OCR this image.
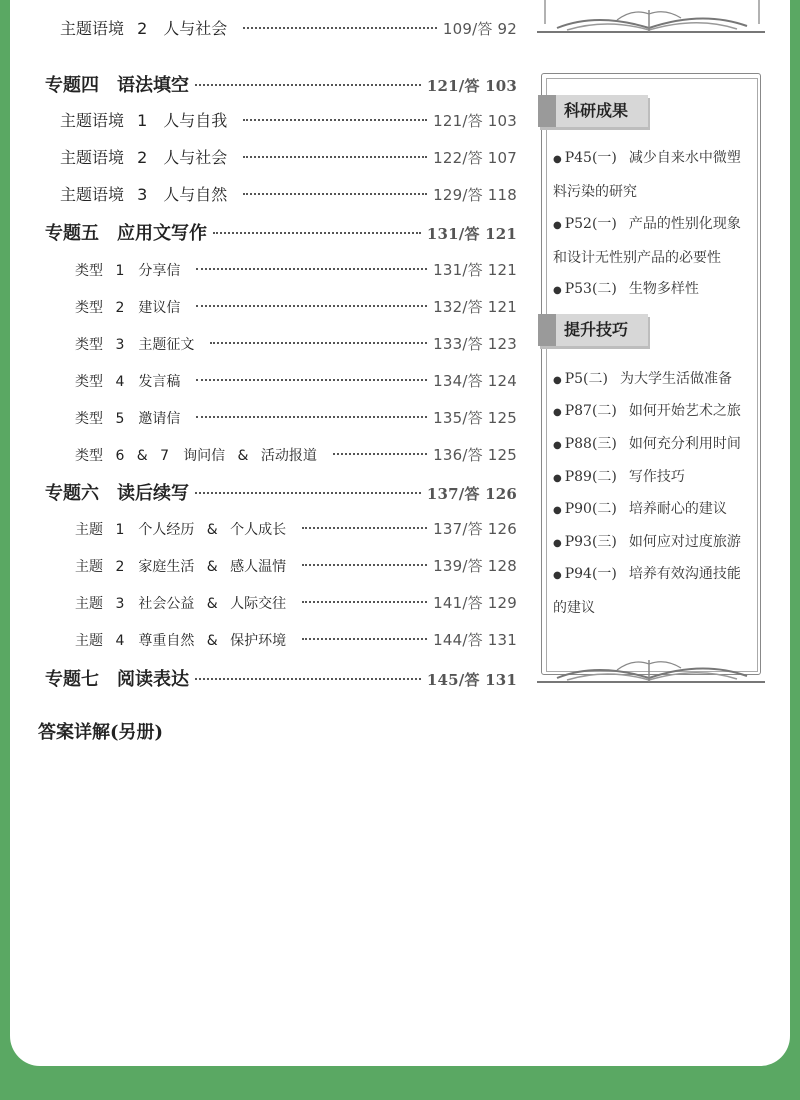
主题语境 2　人与社会	109/答 92
专题四　语法填空	121/答 103
主题语境 1　人与自我	121/答 103
主题语境 2　人与社会	122/答 107
主题语境 3　人与自然	129/答 118
专题五　应用文写作	131/答 121
类型 1　分享信	131/答 121
类型 2　建议信	132/答 121
类型 3　主题征文	133/答 123
类型 4　发言稿	134/答 124
类型 5　邀请信	135/答 125
类型 6 & 7　询问信 & 活动报道	136/答 125
专题六　读后续写	137/答 126
主题 1　个人经历 & 个人成长	137/答 126
主题 2　家庭生活 & 感人温情	139/答 128
主题 3　社会公益 & 人际交往	141/答 129
主题 4　尊重自然 & 保护环境	144/答 131
专题七　阅读表达	145/答 131
答案详解(另册)
科研成果
● P45(一) 减少自来水中微塑
料污染的研究
● P52(一) 产品的性别化现象
和设计无性别产品的必要性
● P53(二) 生物多样性
提升技巧
● P5(二) 为大学生活做准备
● P87(二) 如何开始艺术之旅
● P88(三) 如何充分利用时间
● P89(二) 写作技巧
● P90(二) 培养耐心的建议
● P93(三) 如何应对过度旅游
● P94(一) 培养有效沟通技能
的建议
